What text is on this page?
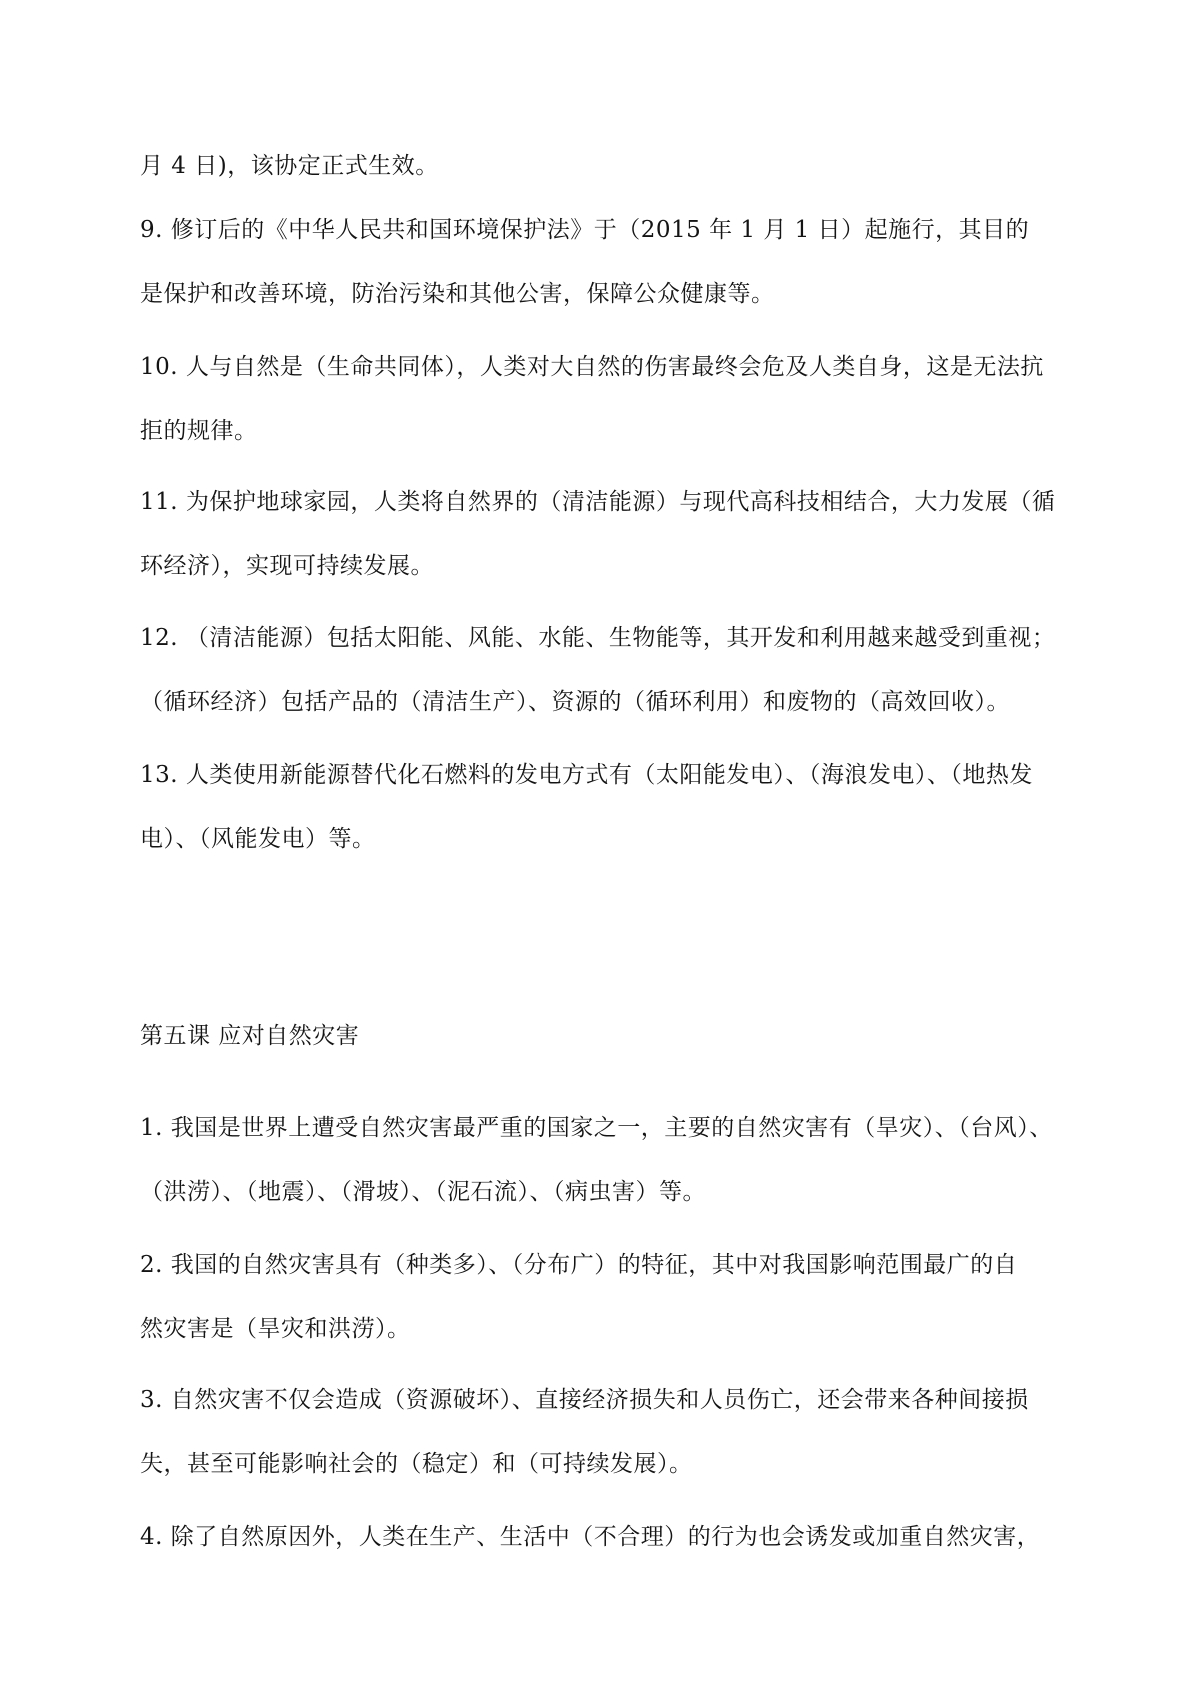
月 4 日)，该协定正式生效。
9. 修订后的《中华人民共和国环境保护法》于（2015 年 1 月 1 日）起施行，其目的
是保护和改善环境，防治污染和其他公害，保障公众健康等。
10. 人与自然是（生命共同体），人类对大自然的伤害最终会危及人类自身，这是无法抗
拒的规律。
11. 为保护地球家园，人类将自然界的（清洁能源）与现代高科技相结合，大力发展（循
环经济），实现可持续发展。
12. （清洁能源）包括太阳能、风能、水能、生物能等，其开发和利用越来越受到重视；
（循环经济）包括产品的（清洁生产）、资源的（循环利用）和废物的（高效回收）。
13. 人类使用新能源替代化石燃料的发电方式有（太阳能发电）、（海浪发电）、（地热发
电）、（风能发电）等。
第五课 应对自然灾害
1. 我国是世界上遭受自然灾害最严重的国家之一，主要的自然灾害有（旱灾）、（台风）、
（洪涝）、（地震）、（滑坡）、（泥石流）、（病虫害）等。
2. 我国的自然灾害具有（种类多）、（分布广）的特征，其中对我国影响范围最广的自
然灾害是（旱灾和洪涝）。
3. 自然灾害不仅会造成（资源破坏）、直接经济损失和人员伤亡，还会带来各种间接损
失，甚至可能影响社会的（稳定）和（可持续发展）。
4. 除了自然原因外，人类在生产、生活中（不合理）的行为也会诱发或加重自然灾害，
